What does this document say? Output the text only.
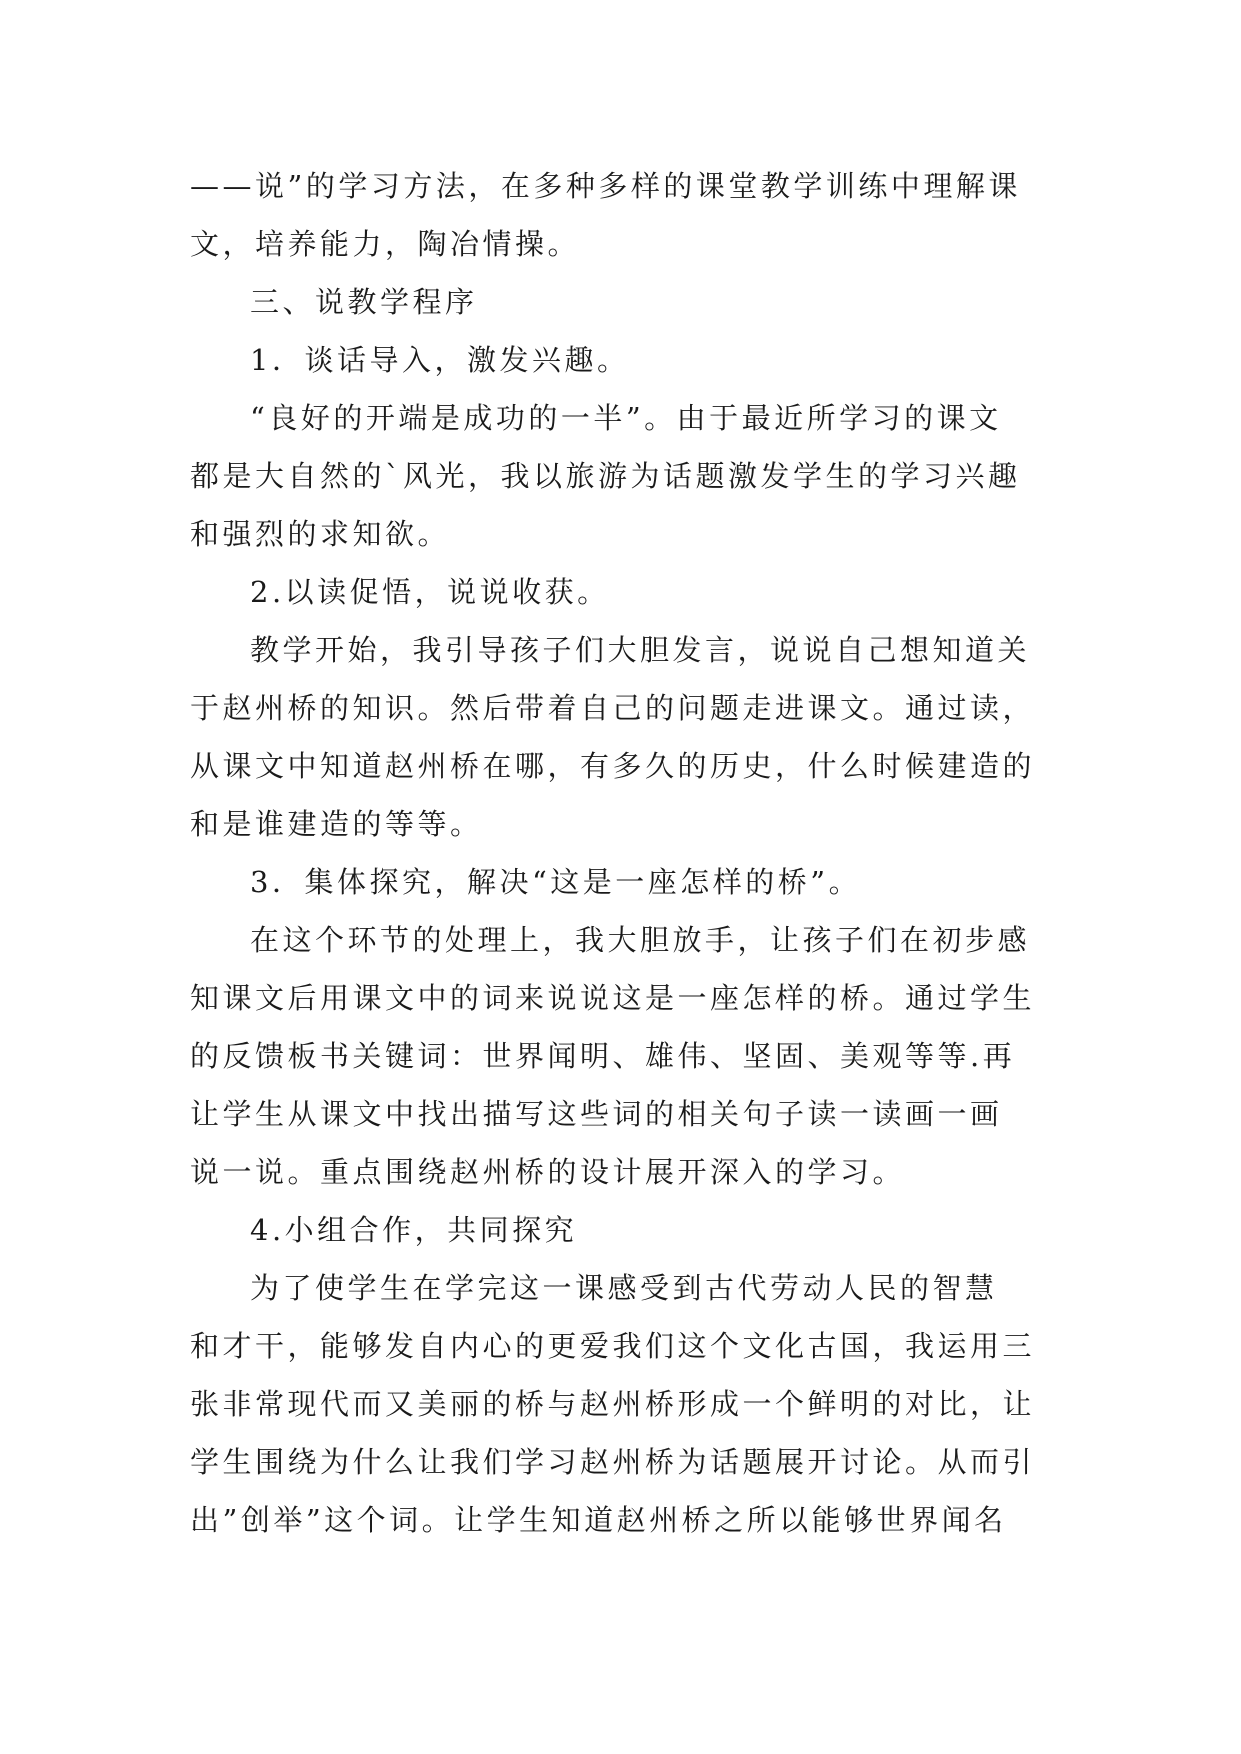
——说”的学习方法，在多种多样的课堂教学训练中理解课
文，培养能力，陶冶情操。
三、说教学程序
1．谈话导入，激发兴趣。
“良好的开端是成功的一半”。由于最近所学习的课文
都是大自然的`风光，我以旅游为话题激发学生的学习兴趣
和强烈的求知欲。
2.以读促悟，说说收获。
教学开始，我引导孩子们大胆发言，说说自己想知道关
于赵州桥的知识。然后带着自己的问题走进课文。通过读，
从课文中知道赵州桥在哪，有多久的历史，什么时候建造的
和是谁建造的等等。
3．集体探究，解决“这是一座怎样的桥”。
在这个环节的处理上，我大胆放手，让孩子们在初步感
知课文后用课文中的词来说说这是一座怎样的桥。通过学生
的反馈板书关键词：世界闻明、雄伟、坚固、美观等等.再
让学生从课文中找出描写这些词的相关句子读一读画一画
说一说。重点围绕赵州桥的设计展开深入的学习。
4.小组合作，共同探究
为了使学生在学完这一课感受到古代劳动人民的智慧
和才干，能够发自内心的更爱我们这个文化古国，我运用三
张非常现代而又美丽的桥与赵州桥形成一个鲜明的对比，让
学生围绕为什么让我们学习赵州桥为话题展开讨论。从而引
出”创举”这个词。让学生知道赵州桥之所以能够世界闻名
